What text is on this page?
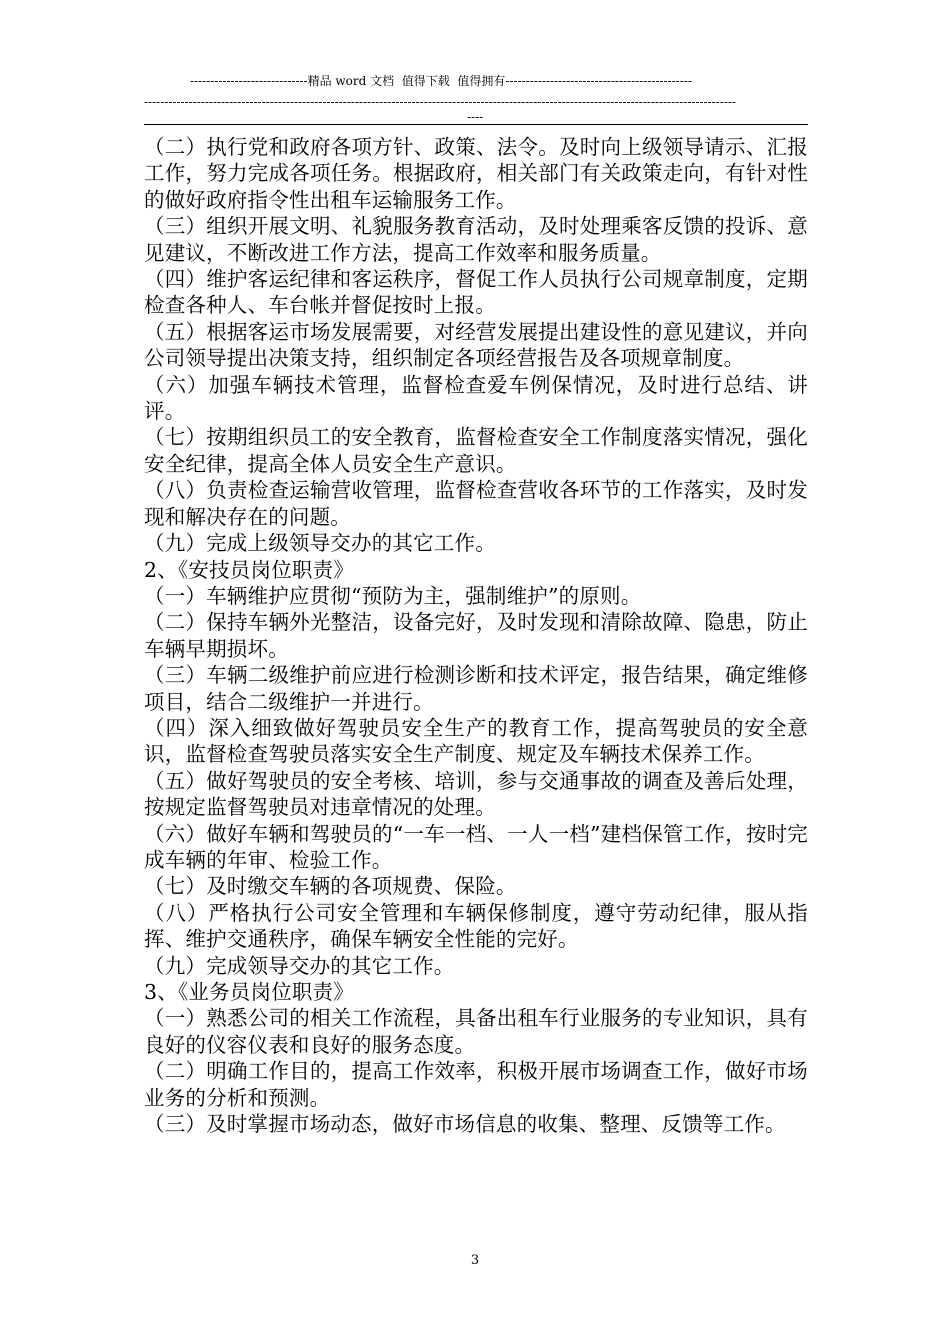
-----------------------------精品 word 文档  值得下载  值得拥有----------------------------------------------
--------------------------------------------------------------------------------------------------------------------------------------------------
----

（二）执行党和政府各项方针、政策、法令。及时向上级领导请示、汇报工作，努力完成各项任务。根据政府，相关部门有关政策走向，有针对性的做好政府指令性出租车运输服务工作。

（三）组织开展文明、礼貌服务教育活动，及时处理乘客反馈的投诉、意见建议，不断改进工作方法，提高工作效率和服务质量。

（四）维护客运纪律和客运秩序，督促工作人员执行公司规章制度，定期检查各种人、车台帐并督促按时上报。

（五）根据客运市场发展需要，对经营发展提出建设性的意见建议，并向公司领导提出决策支持，组织制定各项经营报告及各项规章制度。

（六）加强车辆技术管理，监督检查爱车例保情况，及时进行总结、讲评。

（七）按期组织员工的安全教育，监督检查安全工作制度落实情况，强化安全纪律，提高全体人员安全生产意识。

（八）负责检查运输营收管理，监督检查营收各环节的工作落实，及时发现和解决存在的问题。

（九）完成上级领导交办的其它工作。

2、《安技员岗位职责》

（一）车辆维护应贯彻“预防为主，强制维护”的原则。

（二）保持车辆外光整洁，设备完好，及时发现和清除故障、隐患，防止车辆早期损坏。

（三）车辆二级维护前应进行检测诊断和技术评定，报告结果，确定维修项目，结合二级维护一并进行。

（四）深入细致做好驾驶员安全生产的教育工作，提高驾驶员的安全意识，监督检查驾驶员落实安全生产制度、规定及车辆技术保养工作。

（五）做好驾驶员的安全考核、培训，参与交通事故的调查及善后处理，按规定监督驾驶员对违章情况的处理。

（六）做好车辆和驾驶员的“一车一档、一人一档”建档保管工作，按时完成车辆的年审、检验工作。

（七）及时缴交车辆的各项规费、保险。

（八）严格执行公司安全管理和车辆保修制度，遵守劳动纪律，服从指挥、维护交通秩序，确保车辆安全性能的完好。

（九）完成领导交办的其它工作。

3、《业务员岗位职责》

（一）熟悉公司的相关工作流程，具备出租车行业服务的专业知识，具有良好的仪容仪表和良好的服务态度。

（二）明确工作目的，提高工作效率，积极开展市场调查工作，做好市场业务的分析和预测。

（三）及时掌握市场动态，做好市场信息的收集、整理、反馈等工作。

3
